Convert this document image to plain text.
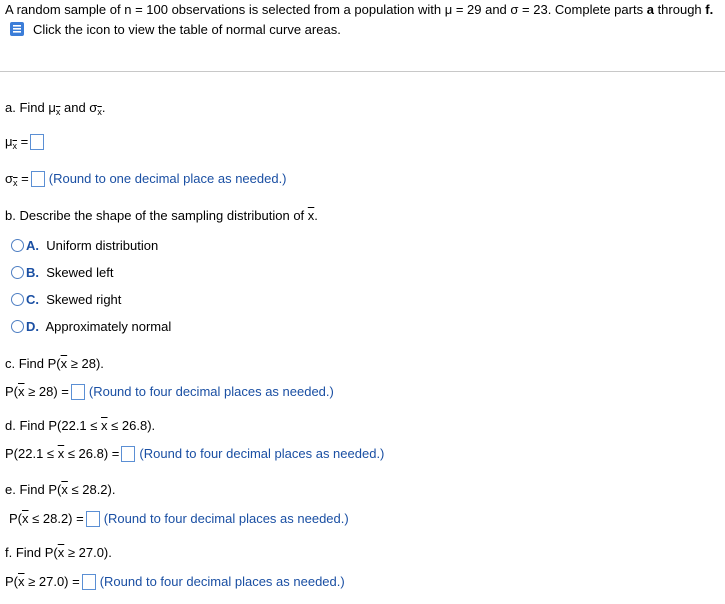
A random sample of n = 100 observations is selected from a population with μ = 29 and σ = 23. Complete parts a through f.
Click the icon to view the table of normal curve areas.
a. Find $\mu_{\overline{x}}$ and $\sigma_{\overline{x}}$.
$\mu_{\overline{x}}$ =
$\sigma_{\overline{x}}$ = (Round to one decimal place as needed.)
b. Describe the shape of the sampling distribution of $\overline{x}$.
A. Uniform distribution
B. Skewed left
C. Skewed right
D. Approximately normal
c. Find $P(\overline{x} \ge 28)$.
$P(\overline{x} \ge 28)$ = (Round to four decimal places as needed.)
d. Find $P(22.1 \le \overline{x} \le 26.8)$.
$P(22.1 \le \overline{x} \le 26.8)$ = (Round to four decimal places as needed.)
e. Find $P(\overline{x} \le 28.2)$.
$P(\overline{x} \le 28.2)$ = (Round to four decimal places as needed.)
f. Find $P(\overline{x} \ge 27.0)$.
$P(\overline{x} \ge 27.0)$ = (Round to four decimal places as needed.)
